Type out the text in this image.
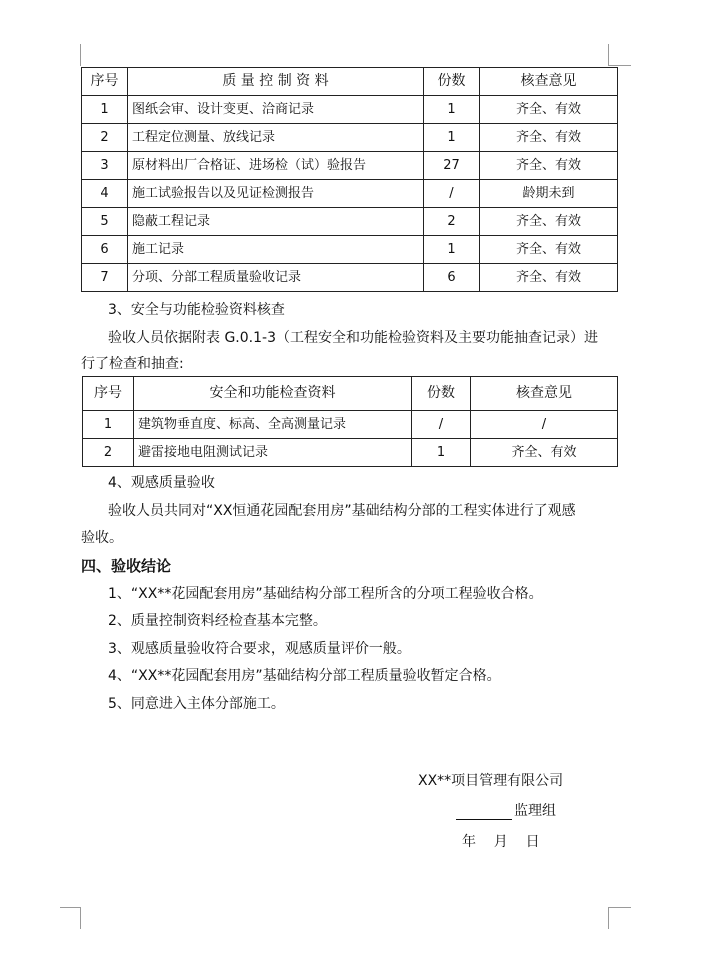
序号	质 量 控 制 资 料	份数	核查意见
1	图纸会审、设计变更、洽商记录	1	齐全、有效
2	工程定位测量、放线记录	1	齐全、有效
3	原材料出厂合格证、进场检（试）验报告	27	齐全、有效
4	施工试验报告以及见证检测报告	/	龄期未到
5	隐蔽工程记录	2	齐全、有效
6	施工记录	1	齐全、有效
7	分项、分部工程质量验收记录	6	齐全、有效
3、安全与功能检验资料核查
验收人员依据附表 G.0.1-3（工程安全和功能检验资料及主要功能抽查记录）进
行了检查和抽查:
序号	安全和功能检查资料	份数	核查意见
1	建筑物垂直度、标高、全高测量记录	/	/
2	避雷接地电阻测试记录	1	齐全、有效
4、观感质量验收
验收人员共同对“XX恒通花园配套用房”基础结构分部的工程实体进行了观感
验收。
四、验收结论
1、“XX**花园配套用房”基础结构分部工程所含的分项工程验收合格。
2、质量控制资料经检查基本完整。
3、观感质量验收符合要求，观感质量评价一般。
4、“XX**花园配套用房”基础结构分部工程质量验收暂定合格。
5、同意进入主体分部施工。
XX**项目管理有限公司
监理组
年    月    日
